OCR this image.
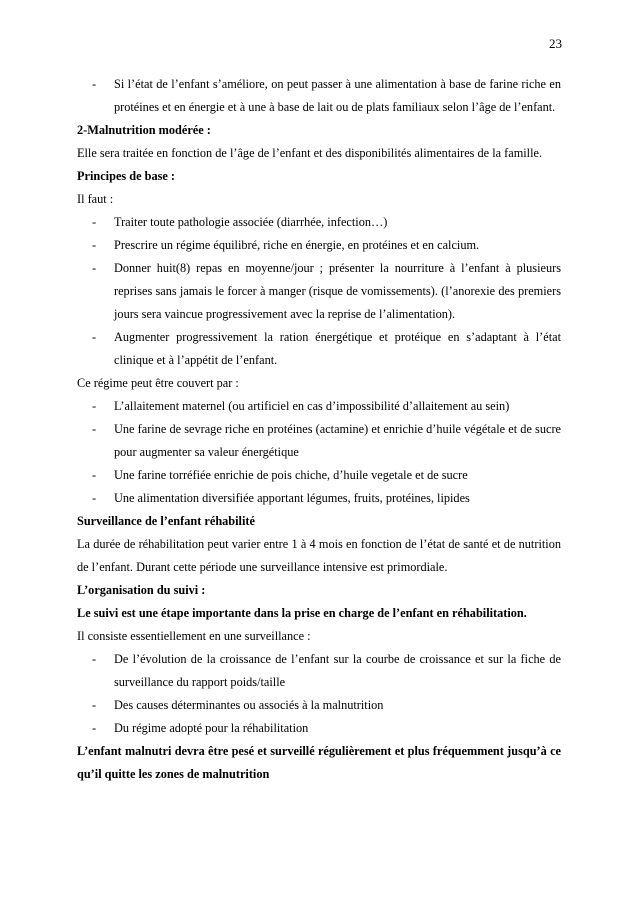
23
- Si l’état de l’enfant s’améliore, on peut passer à une alimentation à base de farine riche en protéines et en énergie et à une à base de lait ou de plats familiaux selon l’âge de l’enfant.

2-Malnutrition modérée :

Elle sera traitée en fonction de l’âge de l’enfant et des disponibilités alimentaires de la famille.

Principes de base :

Il faut :

- Traiter toute pathologie associée (diarrhée, infection…)
- Prescrire un régime équilibré, riche en énergie, en protéines et en calcium.
- Donner huit(8) repas en moyenne/jour ; présenter la nourriture à l’enfant à plusieurs reprises sans jamais le forcer à manger (risque de vomissements). (l’anorexie des premiers jours sera vaincue progressivement avec la reprise de l’alimentation).
- Augmenter progressivement la ration énergétique et protéique en s’adaptant à l’état clinique et à l’appétit de l’enfant.

Ce régime peut être couvert par :

- L’allaitement maternel (ou artificiel en cas d’impossibilité d’allaitement au sein)
- Une farine de sevrage riche en protéines (actamine) et enrichie d’huile végétale et de sucre pour augmenter sa valeur énergétique
- Une farine torréfiée enrichie de pois chiche, d’huile vegetale et de sucre
- Une alimentation diversifiée apportant légumes, fruits, protéines, lipides

Surveillance de l’enfant réhabilité

La durée de réhabilitation peut varier entre 1 à 4 mois en fonction de l’état de santé et de nutrition de l’enfant. Durant cette période une surveillance intensive est primordiale.

L’organisation du suivi :

Le suivi est une étape importante dans la prise en charge de l’enfant en réhabilitation.

Il consiste essentiellement en une surveillance :

- De l’évolution de la croissance de l’enfant sur la courbe de croissance et sur la fiche de surveillance du rapport poids/taille
- Des causes déterminantes ou associés à la malnutrition
- Du régime adopté pour la réhabilitation

L’enfant malnutri devra être pesé et surveillé régulièrement et plus fréquemment jusqu’à ce qu’il quitte les zones de malnutrition
